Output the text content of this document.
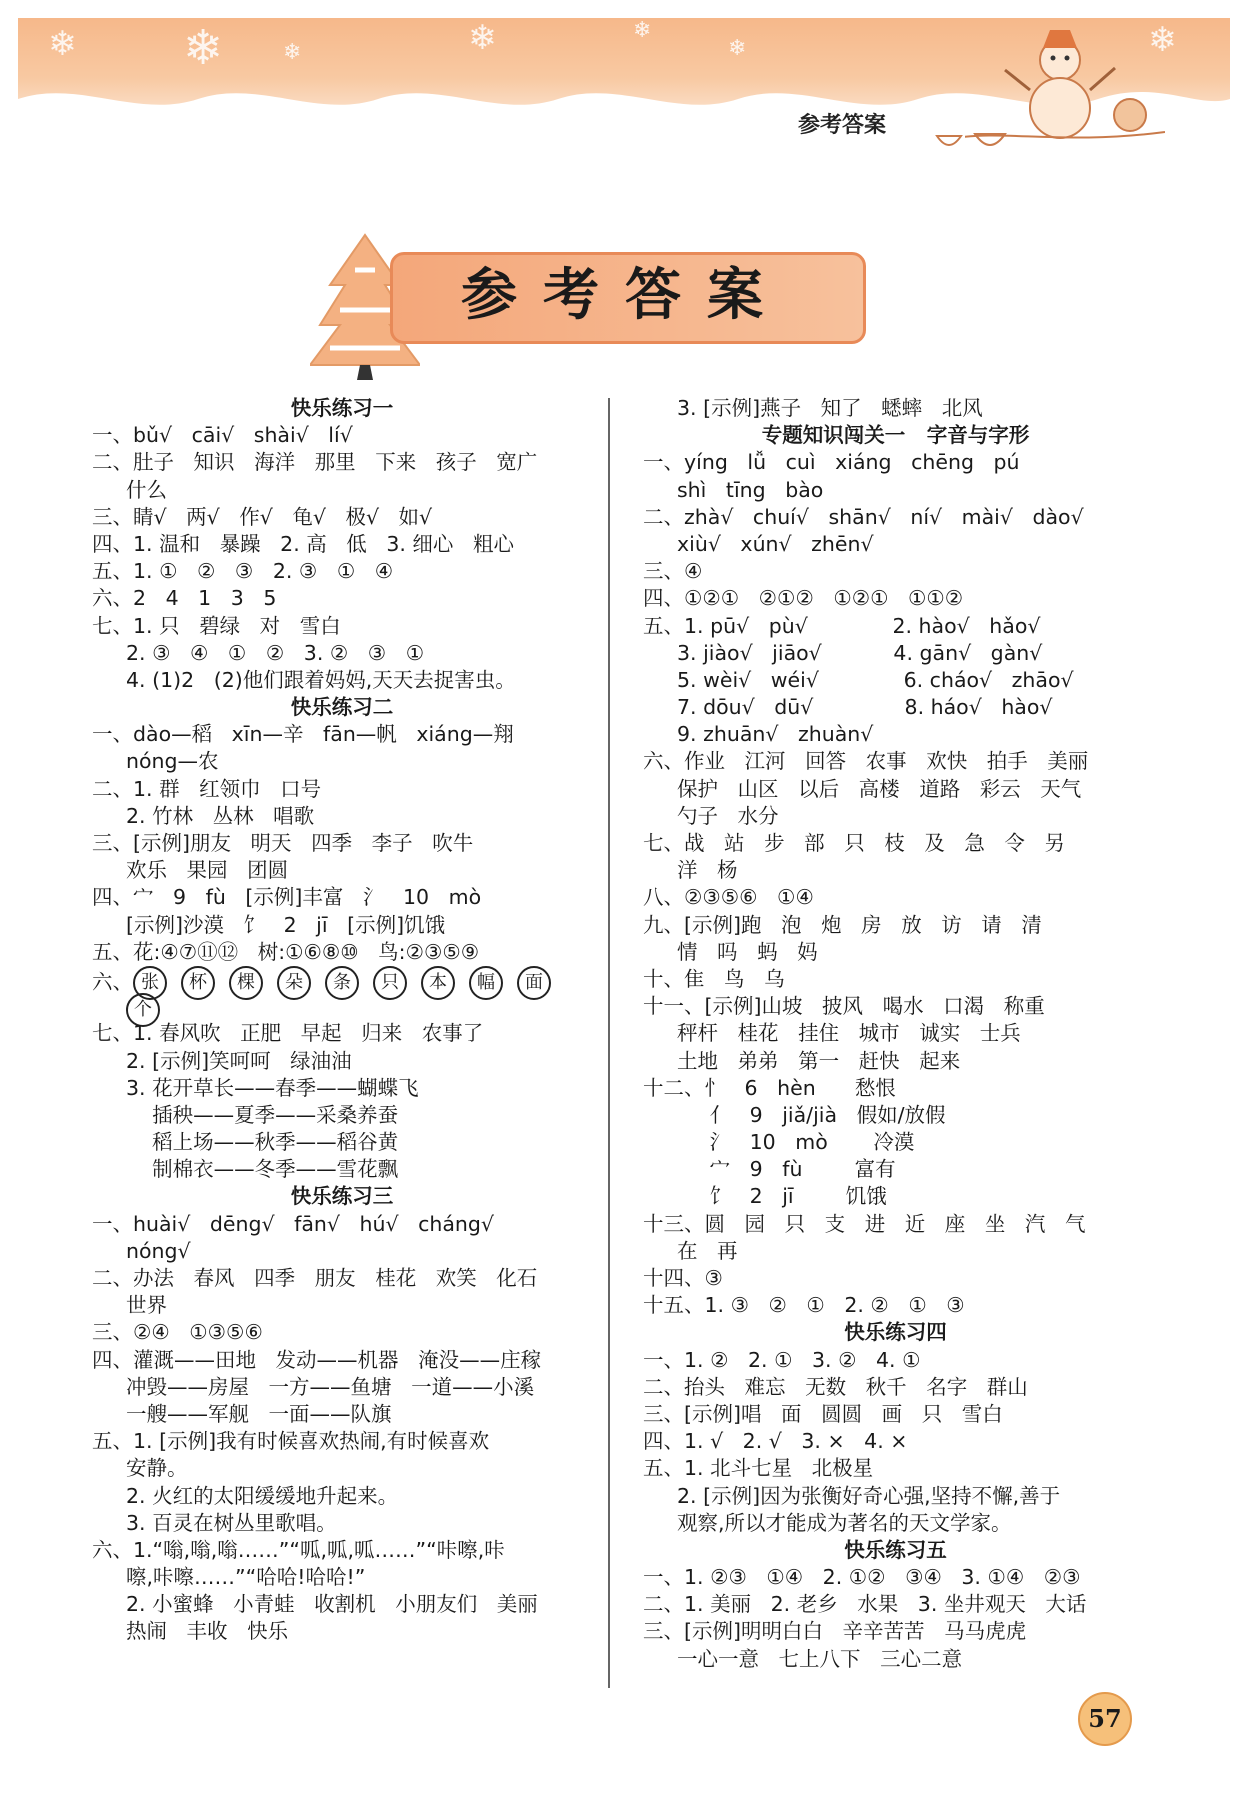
❄ ❄	❄	❄	❄
❄	❄
参考答案
参考答案
快乐练习一
一、bǔ√   cāi√   shài√   lí√
二、肚子   知识   海洋   那里   下来   孩子   宽广
什么
三、睛√   两√   作√   龟√   极√   如√
四、1. 温和   暴躁   2. 高   低   3. 细心   粗心
五、1. ①   ②   ③   2. ③   ①   ④
六、2   4   1   3   5
七、1. 只   碧绿   对   雪白
2. ③   ④   ①   ②   3. ②   ③   ①
4. (1)2   (2)他们跟着妈妈,天天去捉害虫。
快乐练习二
一、dào—稻   xīn—辛   fān—帆   xiáng—翔
nóng—农
二、1. 群   红领巾   口号
2. 竹林   丛林   唱歌
三、[示例]朋友   明天   四季   李子   吹牛
欢乐   果园   团圆
四、宀   9   fù   [示例]丰富   氵   10   mò
[示例]沙漠   饣   2   jī   [示例]饥饿
五、花:④⑦⑪⑫   树:①⑥⑧⑩   鸟:②③⑤⑨
六、 张 杯 棵 朵 条 只 本 幅 面
个
七、1. 春风吹   正肥   早起   归来   农事了
2. [示例]笑呵呵   绿油油
3. 花开草长——春季——蝴蝶飞
插秧——夏季——采桑养蚕
稻上场——秋季——稻谷黄
制棉衣——冬季——雪花飘
快乐练习三
一、huài√   dēng√   fān√   hú√   cháng√
nóng√
二、办法   春风   四季   朋友   桂花   欢笑   化石
世界
三、②④   ①③⑤⑥
四、灌溉——田地   发动——机器   淹没——庄稼
冲毁——房屋   一方——鱼塘   一道——小溪
一艘——军舰   一面——队旗
五、1. [示例]我有时候喜欢热闹,有时候喜欢
安静。
2. 火红的太阳缓缓地升起来。
3. 百灵在树丛里歌唱。
六、1.“嗡,嗡,嗡……”“呱,呱,呱……”“咔嚓,咔
嚓,咔嚓……”“哈哈!哈哈!”
2. 小蜜蜂   小青蛙   收割机   小朋友们   美丽
热闹   丰收   快乐
3. [示例]燕子   知了   蟋蟀   北风
专题知识闯关一   字音与字形
一、yíng   lǚ   cuì   xiáng   chēng   pú
shì   tīng   bào
二、zhà√   chuí√   shān√   ní√   mài√   dào√
xiù√   xún√   zhēn√
三、④
四、①②①   ②①②   ①②①   ①①②
五、1. pū√   pù√             2. hào√   hǎo√
3. jiào√   jiāo√           4. gān√   gàn√
5. wèi√   wéi√             6. cháo√   zhāo√
7. dōu√   dū√              8. háo√   hào√
9. zhuān√   zhuàn√
六、作业   江河   回答   农事   欢快   拍手   美丽
保护   山区   以后   高楼   道路   彩云   天气
勺子   水分
七、战   站   步   部   只   枝   及   急   令   另
洋   杨
八、②③⑤⑥   ①④
九、[示例]跑   泡   炮   房   放   访   请   清
情   吗   蚂   妈
十、隹   鸟   乌
十一、[示例]山坡   披风   喝水   口渴   称重
秤杆   桂花   挂住   城市   诚实   士兵
土地   弟弟   第一   赶快   起来
十二、忄   6   hèn      愁恨
亻   9   jiǎ/jià   假如/放假
氵   10   mò       冷漠
宀   9   fù        富有
饣   2   jī        饥饿
十三、圆   园   只   支   进   近   座   坐   汽   气
在   再
十四、③
十五、1. ③   ②   ①   2. ②   ①   ③
快乐练习四
一、1. ②   2. ①   3. ②   4. ①
二、抬头   难忘   无数   秋千   名字   群山
三、[示例]唱   面   圆圆   画   只   雪白
四、1. √   2. √   3. ×   4. ×
五、1. 北斗七星   北极星
2. [示例]因为张衡好奇心强,坚持不懈,善于
观察,所以才能成为著名的天文学家。
快乐练习五
一、1. ②③   ①④   2. ①②   ③④   3. ①④   ②③
二、1. 美丽   2. 老乡   水果   3. 坐井观天   大话
三、[示例]明明白白   辛辛苦苦   马马虎虎
一心一意   七上八下   三心二意
57
